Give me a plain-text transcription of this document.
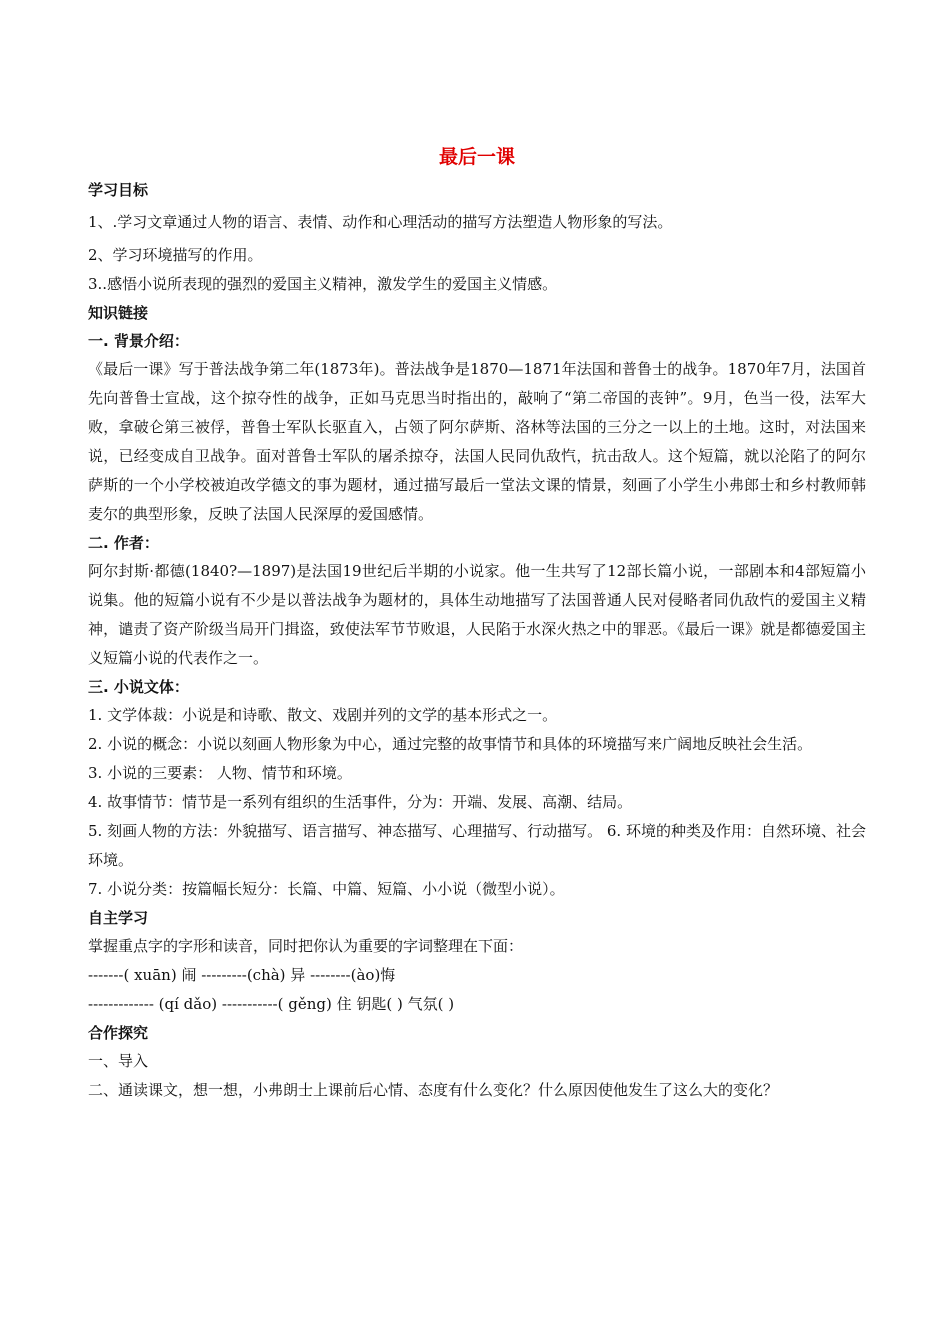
最后一课
学习目标
1、.学习文章通过人物的语言、表情、动作和心理活动的描写方法塑造人物形象的写法。
2、学习环境描写的作用。
3..感悟小说所表现的强烈的爱国主义精神，激发学生的爱国主义情感。
知识链接
一. 背景介绍：
《最后一课》写于普法战争第二年(1873年)。普法战争是1870—1871年法国和普鲁士的战争。1870年7月，法国首先向普鲁士宣战，这个掠夺性的战争，正如马克思当时指出的，敲响了“第二帝国的丧钟”。9月，色当一役，法军大败，拿破仑第三被俘，普鲁士军队长驱直入，占领了阿尔萨斯、洛林等法国的三分之一以上的土地。这时，对法国来说，已经变成自卫战争。面对普鲁士军队的屠杀掠夺，法国人民同仇敌忾，抗击敌人。这个短篇，就以沦陷了的阿尔萨斯的一个小学校被迫改学德文的事为题材，通过描写最后一堂法文课的情景，刻画了小学生小弗郎士和乡村教师韩麦尔的典型形象，反映了法国人民深厚的爱国感情。
二. 作者：
阿尔封斯·都德(1840?—1897)是法国19世纪后半期的小说家。他一生共写了12部长篇小说，一部剧本和4部短篇小说集。他的短篇小说有不少是以普法战争为题材的，具体生动地描写了法国普通人民对侵略者同仇敌忾的爱国主义精神，谴责了资产阶级当局开门揖盗，致使法军节节败退，人民陷于水深火热之中的罪恶。《最后一课》就是都德爱国主义短篇小说的代表作之一。
三. 小说文体：
1. 文学体裁：小说是和诗歌、散文、戏剧并列的文学的基本形式之一。
2. 小说的概念：小说以刻画人物形象为中心，通过完整的故事情节和具体的环境描写来广阔地反映社会生活。
3. 小说的三要素： 人物、情节和环境。
4. 故事情节：情节是一系列有组织的生活事件，分为：开端、发展、高潮、结局。
5. 刻画人物的方法：外貌描写、语言描写、神态描写、心理描写、行动描写。 6. 环境的种类及作用：自然环境、社会环境。
7. 小说分类：按篇幅长短分：长篇、中篇、短篇、小小说（微型小说）。
自主学习
掌握重点字的字形和读音，同时把你认为重要的字词整理在下面：
-------( xuān) 闹 ---------(chà) 异 --------(ào)悔
------------- (qí dǎo) -----------( gěng) 住 钥匙( ) 气氛( )
合作探究
一、导入
二、通读课文，想一想，小弗朗士上课前后心情、态度有什么变化？什么原因使他发生了这么大的变化？
